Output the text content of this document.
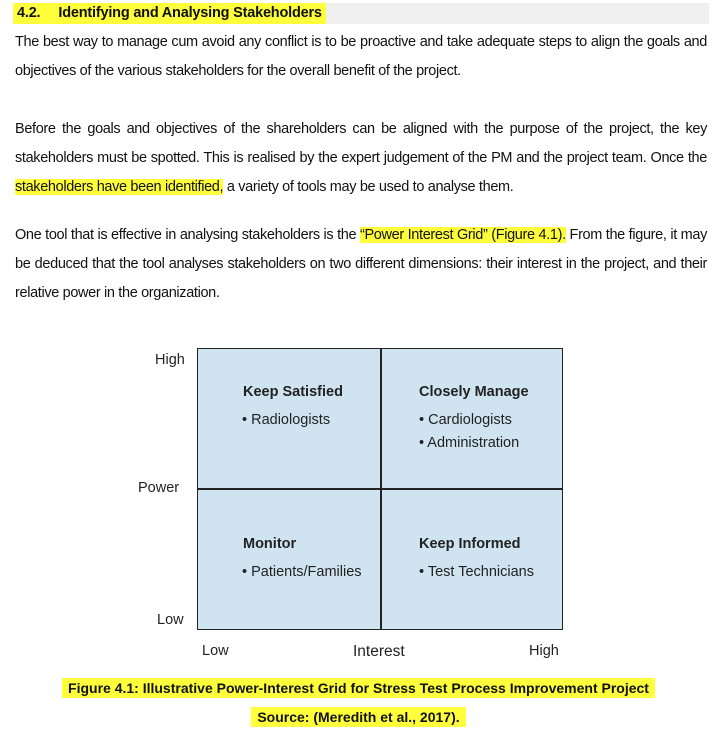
4.2. Identifying and Analysing Stakeholders
The best way to manage cum avoid any conflict is to be proactive and take adequate steps to align the goals and
objectives of the various stakeholders for the overall benefit of the project.
Before the goals and objectives of the shareholders can be aligned with the purpose of the project, the key
stakeholders must be spotted. This is realised by the expert judgement of the PM and the project team. Once the
stakeholders have been identified, a variety of tools may be used to analyse them.
One tool that is effective in analysing stakeholders is the “Power Interest Grid” (Figure 4.1). From the figure, it may
be deduced that the tool analyses stakeholders on two different dimensions: their interest in the project, and their
relative power in the organization.
High
Power
Low
Low	Interest	High
Keep Satisfied
• Radiologists
Closely Manage
• Cardiologists
• Administration
Monitor
• Patients/Families
Keep Informed
• Test Technicians
Figure 4.1: Illustrative Power-Interest Grid for Stress Test Process Improvement Project
Source: (Meredith et al., 2017).
